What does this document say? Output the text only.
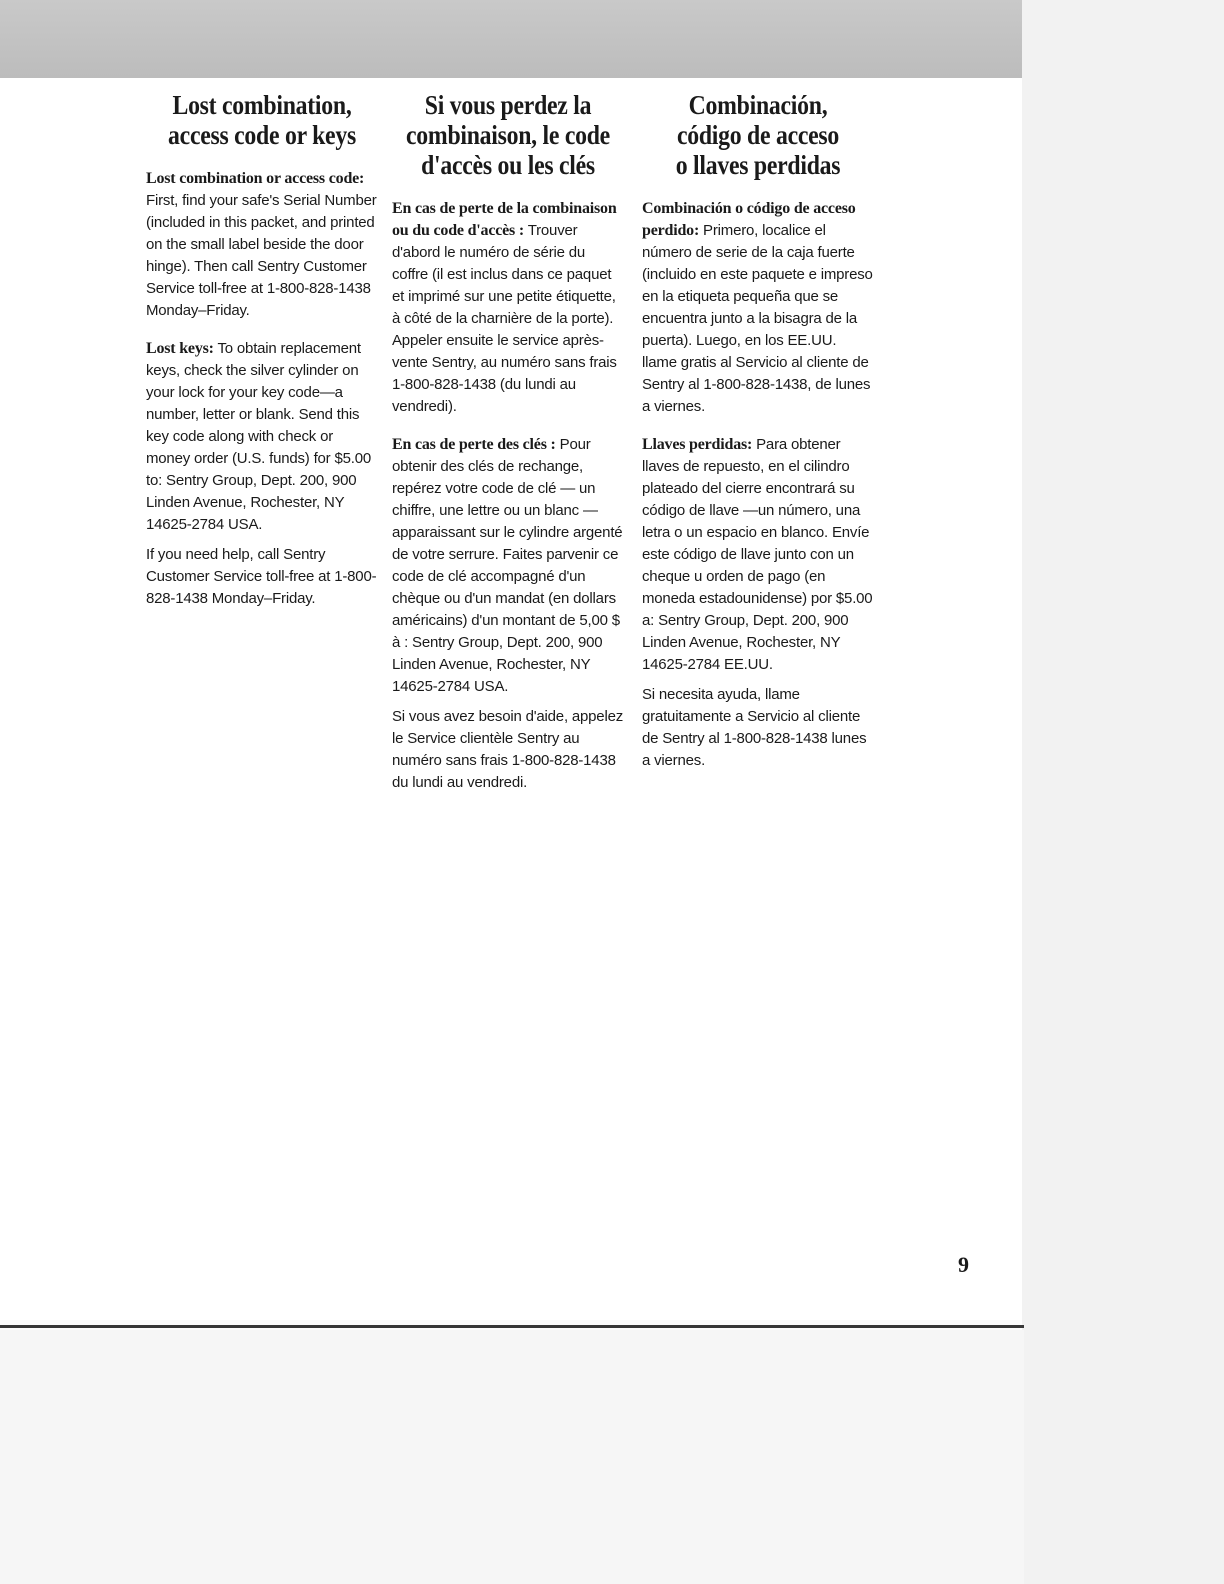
Lost combination,
access code or keys

Lost combination or access code: First, find your safe's Serial Number (included in this packet, and printed on the small label beside the door hinge). Then call Sentry Customer Service toll-free at 1-800-828-1438 Monday–Friday.

Lost keys: To obtain replacement keys, check the silver cylinder on your lock for your key code—a number, letter or blank. Send this key code along with check or money order (U.S. funds) for $5.00 to: Sentry Group, Dept. 200, 900 Linden Avenue, Rochester, NY 14625-2784 USA.

If you need help, call Sentry Customer Service toll-free at 1-800-828-1438 Monday–Friday.

Si vous perdez la
combinaison, le code
d'accès ou les clés

En cas de perte de la combinaison ou du code d'accès : Trouver d'abord le numéro de série du coffre (il est inclus dans ce paquet et imprimé sur une petite étiquette, à côté de la charnière de la porte). Appeler ensuite le service après-vente Sentry, au numéro sans frais 1-800-828-1438 (du lundi au vendredi).

En cas de perte des clés : Pour obtenir des clés de rechange, repérez votre code de clé — un chiffre, une lettre ou un blanc — apparaissant sur le cylindre argenté de votre serrure. Faites parvenir ce code de clé accompagné d'un chèque ou d'un mandat (en dollars américains) d'un montant de 5,00 $ à : Sentry Group, Dept. 200, 900 Linden Avenue, Rochester, NY 14625-2784 USA.

Si vous avez besoin d'aide, appelez le Service clientèle Sentry au numéro sans frais 1-800-828-1438 du lundi au vendredi.

Combinación,
código de acceso
o llaves perdidas

Combinación o código de acceso perdido: Primero, localice el número de serie de la caja fuerte (incluido en este paquete e impreso en la etiqueta pequeña que se encuentra junto a la bisagra de la puerta). Luego, en los EE.UU. llame gratis al Servicio al cliente de Sentry al 1-800-828-1438, de lunes a viernes.

Llaves perdidas: Para obtener llaves de repuesto, en el cilindro plateado del cierre encontrará su código de llave —un número, una letra o un espacio en blanco. Envíe este código de llave junto con un cheque u orden de pago (en moneda estadounidense) por $5.00 a: Sentry Group, Dept. 200, 900 Linden Avenue, Rochester, NY 14625-2784 EE.UU.

Si necesita ayuda, llame gratuitamente a Servicio al cliente de Sentry al 1-800-828-1438 lunes a viernes.

9
